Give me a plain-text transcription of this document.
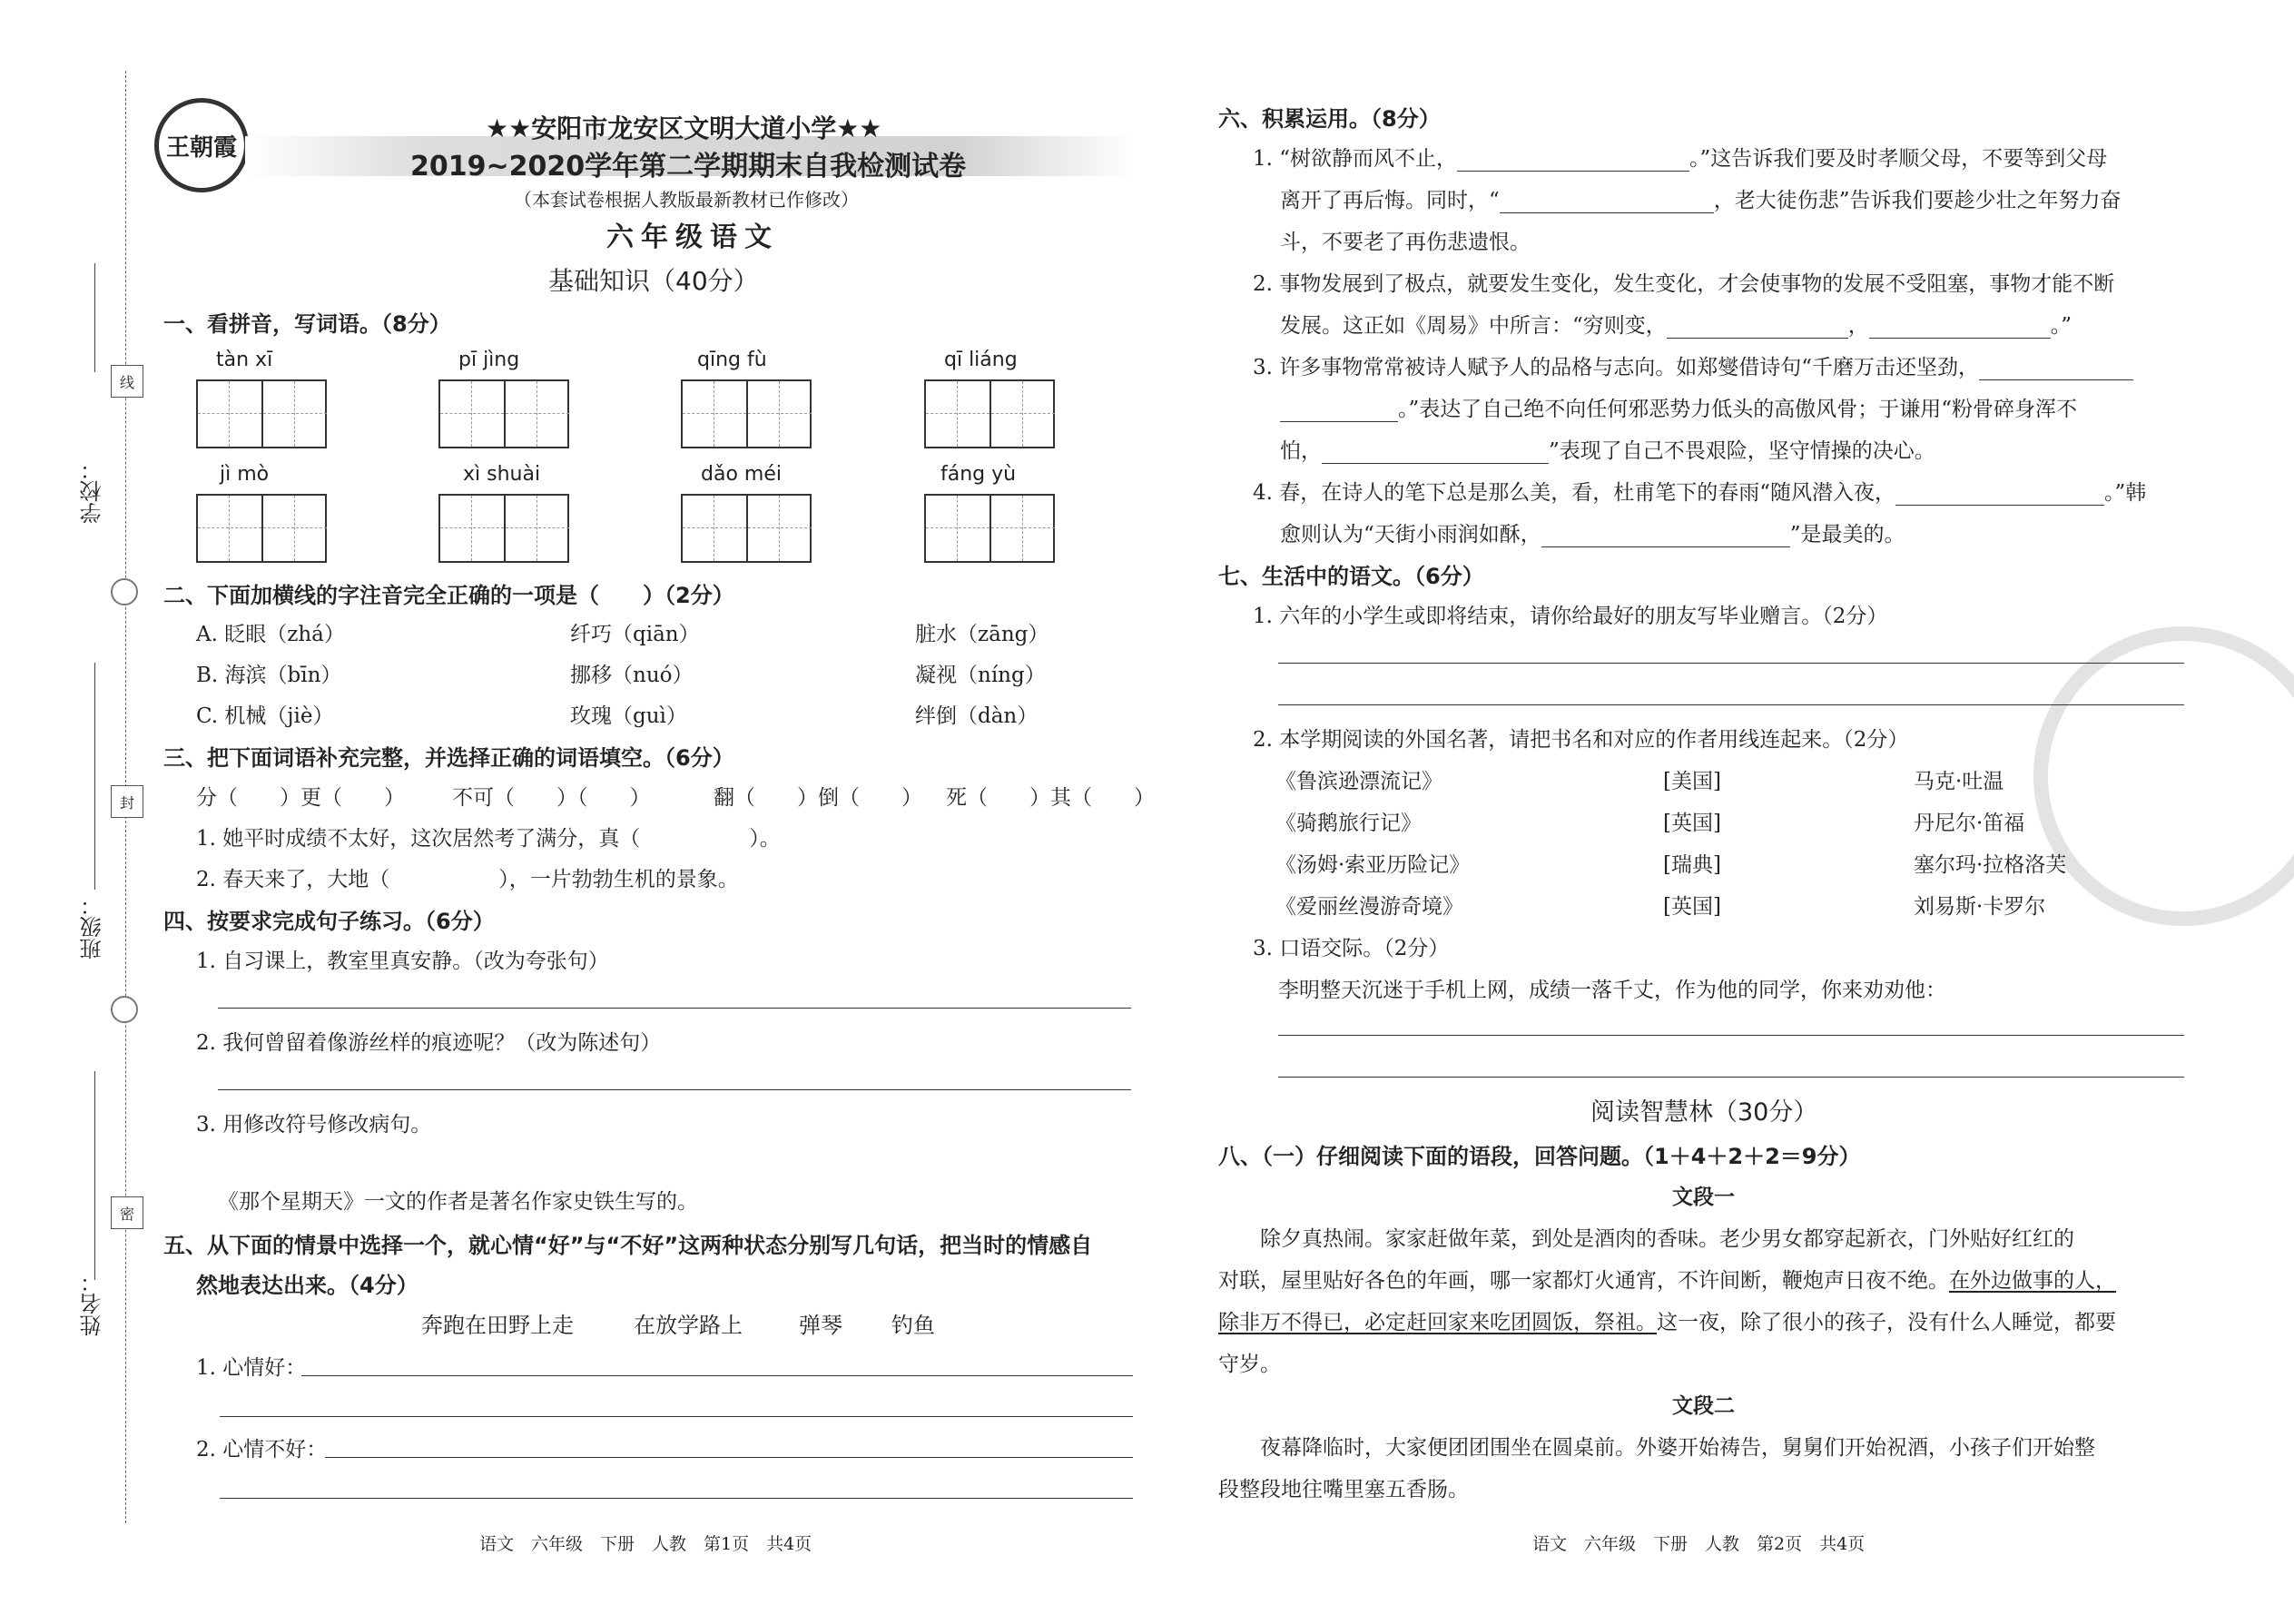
学校：
班级：
姓名：
线
封
密
王朝霞
★★安阳市龙安区文明大道小学★★
2019~2020学年第二学期期末自我检测试卷
（本套试卷根据人教版最新教材已作修改）
六年级语文
基础知识（40分）
一、看拼音，写词语。（8分）
tàn xī	pī jìng	qīng fù	qī liáng
jì mò	xì shuài	dǎo méi	fáng yù
二、下面加横线的字注音完全正确的一项是（　　）（2分）
A. 眨眼（zhá）	纤巧（qiān）	脏水（zāng）
B. 海滨（bīn）	挪移（nuó）	凝视（níng）
C. 机械（jiè）	玫瑰（guì）	绊倒（dàn）
三、把下面词语补充完整，并选择正确的词语填空。（6分）
分（　　）更（　　） 不可（　　）（　　）	翻（　　）倒（　　） 死（　　）其（　　）
1. 她平时成绩不太好，这次居然考了满分，真（	）。
2. 春天来了，大地（	），一片勃勃生机的景象。
四、按要求完成句子练习。（6分）
1. 自习课上，教室里真安静。（改为夸张句）
2. 我何曾留着像游丝样的痕迹呢？（改为陈述句）
3. 用修改符号修改病句。
《那个星期天》一文的作者是著名作家史铁生写的。
五、从下面的情景中选择一个，就心情“好”与“不好”这两种状态分别写几句话，把当时的情感自
然地表达出来。（4分）
奔跑在田野上走	在放学路上	弹琴 钓鱼
1. 心情好：
2. 心情不好：
语文　六年级　下册　人教　第1页　共4页
六、积累运用。（8分）
1. “树欲静而风不止，	。”这告诉我们要及时孝顺父母，不要等到父母
离开了再后悔。同时，“	，老大徒伤悲”告诉我们要趁少壮之年努力奋
斗，不要老了再伤悲遗恨。
2. 事物发展到了极点，就要发生变化，发生变化，才会使事物的发展不受阻塞，事物才能不断
发展。这正如《周易》中所言：“穷则变，	，	。”
3. 许多事物常常被诗人赋予人的品格与志向。如郑燮借诗句“千磨万击还坚劲，
。”表达了自己绝不向任何邪恶势力低头的高傲风骨；于谦用“粉骨碎身浑不
怕，	”表现了自己不畏艰险，坚守情操的决心。
4. 春，在诗人的笔下总是那么美，看，杜甫笔下的春雨“随风潜入夜，	。”韩
愈则认为“天街小雨润如酥，	”是最美的。
七、生活中的语文。（6分）
1. 六年的小学生或即将结束，请你给最好的朋友写毕业赠言。（2分）
2. 本学期阅读的外国名著，请把书名和对应的作者用线连起来。（2分）
《鲁滨逊漂流记》	[美国]	马克·吐温
《骑鹅旅行记》	[英国]	丹尼尔·笛福
《汤姆·索亚历险记》	[瑞典]	塞尔玛·拉格洛芙
《爱丽丝漫游奇境》	[英国]	刘易斯·卡罗尔
3. 口语交际。（2分）
李明整天沉迷于手机上网，成绩一落千丈，作为他的同学，你来劝劝他：
阅读智慧林（30分）
八、（一）仔细阅读下面的语段，回答问题。（1＋4＋2＋2＝9分）
文段一
除夕真热闹。家家赶做年菜，到处是酒肉的香味。老少男女都穿起新衣，门外贴好红红的
对联，屋里贴好各色的年画，哪一家都灯火通宵，不许间断，鞭炮声日夜不绝。在外边做事的人，
除非万不得已，必定赶回家来吃团圆饭，祭祖。这一夜，除了很小的孩子，没有什么人睡觉，都要
守岁。
文段二
夜幕降临时，大家便团团围坐在圆桌前。外婆开始祷告，舅舅们开始祝酒，小孩子们开始整
段整段地往嘴里塞五香肠。
语文　六年级　下册　人教　第2页　共4页
